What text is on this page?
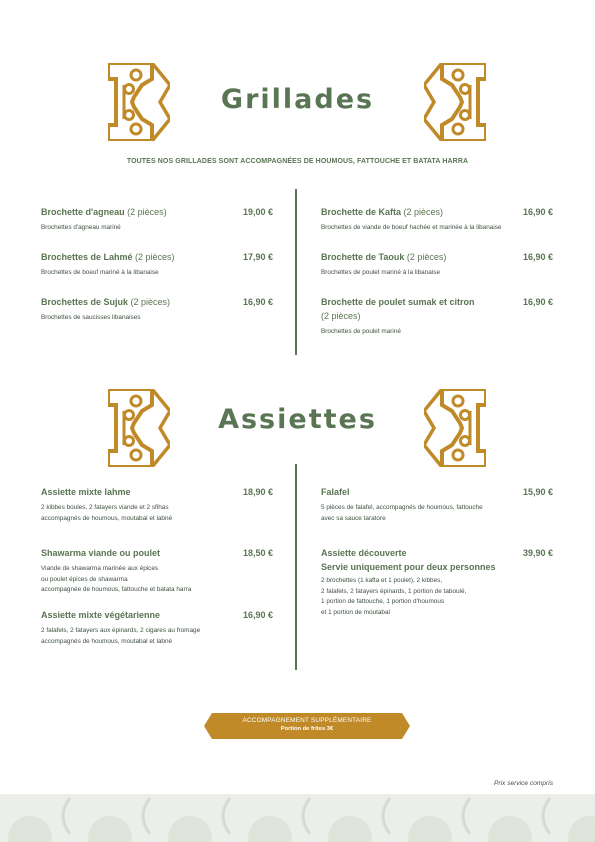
Grillades
TOUTES NOS GRILLADES SONT ACCOMPAGNÉES DE HOUMOUS, FATTOUCHE ET BATATA HARRA
Brochette d'agneau (2 pièces)	19,00 €
Brochettes d'agneau mariné
Brochettes de Lahmé (2 pièces)	17,90 €
Brochettes de boeuf mariné à la libanaise
Brochettes de Sujuk (2 pièces)	16,90 €
Brochettes de saucisses libanaises
Brochette de Kafta (2 pièces)	16,90 €
Brochettes de viande de boeuf hachée et marinée à la libanaise
Brochette de Taouk (2 pièces)	16,90 €
Brochettes de poulet mariné à la libanaise
Brochette de poulet sumak et citron
(2 pièces)
16,90 €
Brochettes de poulet mariné
Assiettes
Assiette mixte lahme	18,90 €
2 kibbes boules, 2 fatayers viande et 2 sfihas
accompagnés de houmous, moutabal et labné
Shawarma viande ou poulet	18,50 €
Viande de shawarma marinée aux épices
ou poulet épices de shawarma
accompagnée de houmous, fattouche et batata harra
Assiette mixte végétarienne	16,90 €
2 falafels, 2 fatayers aux épinards, 2 cigares au fromage
accompagnés de houmous, moutabal et labné
Falafel	15,90 €
5 pièces de falafel, accompagnés de houmous, fattouche
avec sa sauce taratore
Assiette découverte	39,90 €
Servie uniquement pour deux personnes
2 brochettes (1 kafta et 1 poulet), 2 kibbes,
2 falafels, 2 fatayers épinards, 1 portion de taboulé,
1 portion de fattouche, 1 portion d'houmous
et 1 portion de moutabal
ACCOMPAGNEMENT SUPPLÉMENTAIRE
Portion de frites 3€
Prix service compris
